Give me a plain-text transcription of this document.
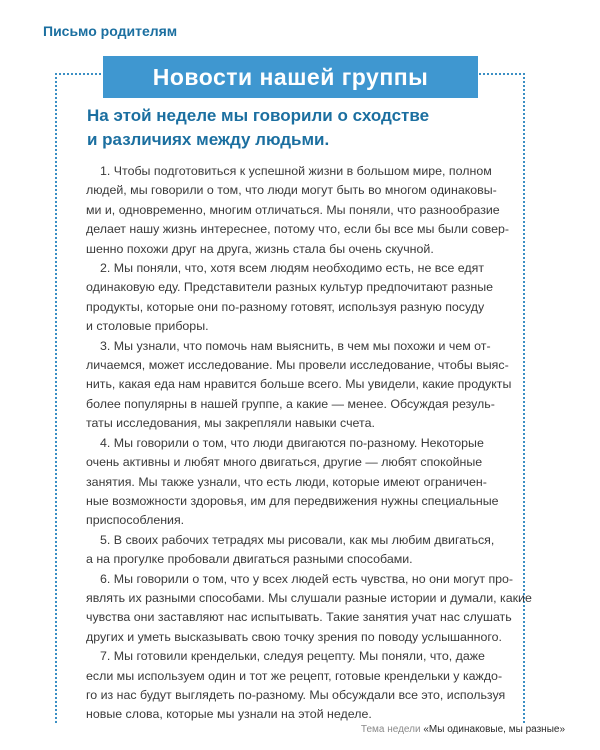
Письмо родителям
Новости нашей группы
На этой неделе мы говорили о сходстве
и различиях между людьми.
1. Чтобы подготовиться к успешной жизни в большом мире, полном
людей, мы говорили о том, что люди могут быть во многом одинаковы-
ми и, одновременно, многим отличаться. Мы поняли, что разнообразие
делает нашу жизнь интереснее, потому что, если бы все мы были совер-
шенно похожи друг на друга, жизнь стала бы очень скучной.
2. Мы поняли, что, хотя всем людям необходимо есть, не все едят
одинаковую еду. Представители разных культур предпочитают разные
продукты, которые они по-разному готовят, используя разную посуду
и столовые приборы.
3. Мы узнали, что помочь нам выяснить, в чем мы похожи и чем от-
личаемся, может исследование. Мы провели исследование, чтобы выяс-
нить, какая еда нам нравится больше всего. Мы увидели, какие продукты
более популярны в нашей группе, а какие — менее. Обсуждая резуль-
таты исследования, мы закрепляли навыки счета.
4. Мы говорили о том, что люди двигаются по-разному. Некоторые
очень активны и любят много двигаться, другие — любят спокойные
занятия. Мы также узнали, что есть люди, которые имеют ограничен-
ные возможности здоровья, им для передвижения нужны специальные
приспособления.
5. В своих рабочих тетрадях мы рисовали, как мы любим двигаться,
а на прогулке пробовали двигаться разными способами.
6. Мы говорили о том, что у всех людей есть чувства, но они могут про-
являть их разными способами. Мы слушали разные истории и думали, какие
чувства они заставляют нас испытывать. Такие занятия учат нас слушать
других и уметь высказывать свою точку зрения по поводу услышанного.
7. Мы готовили крендельки, следуя рецепту. Мы поняли, что, даже
если мы используем один и тот же рецепт, готовые крендельки у каждо-
го из нас будут выглядеть по-разному. Мы обсуждали все это, используя
новые слова, которые мы узнали на этой неделе.
Тема недели «Мы одинаковые, мы разные»
